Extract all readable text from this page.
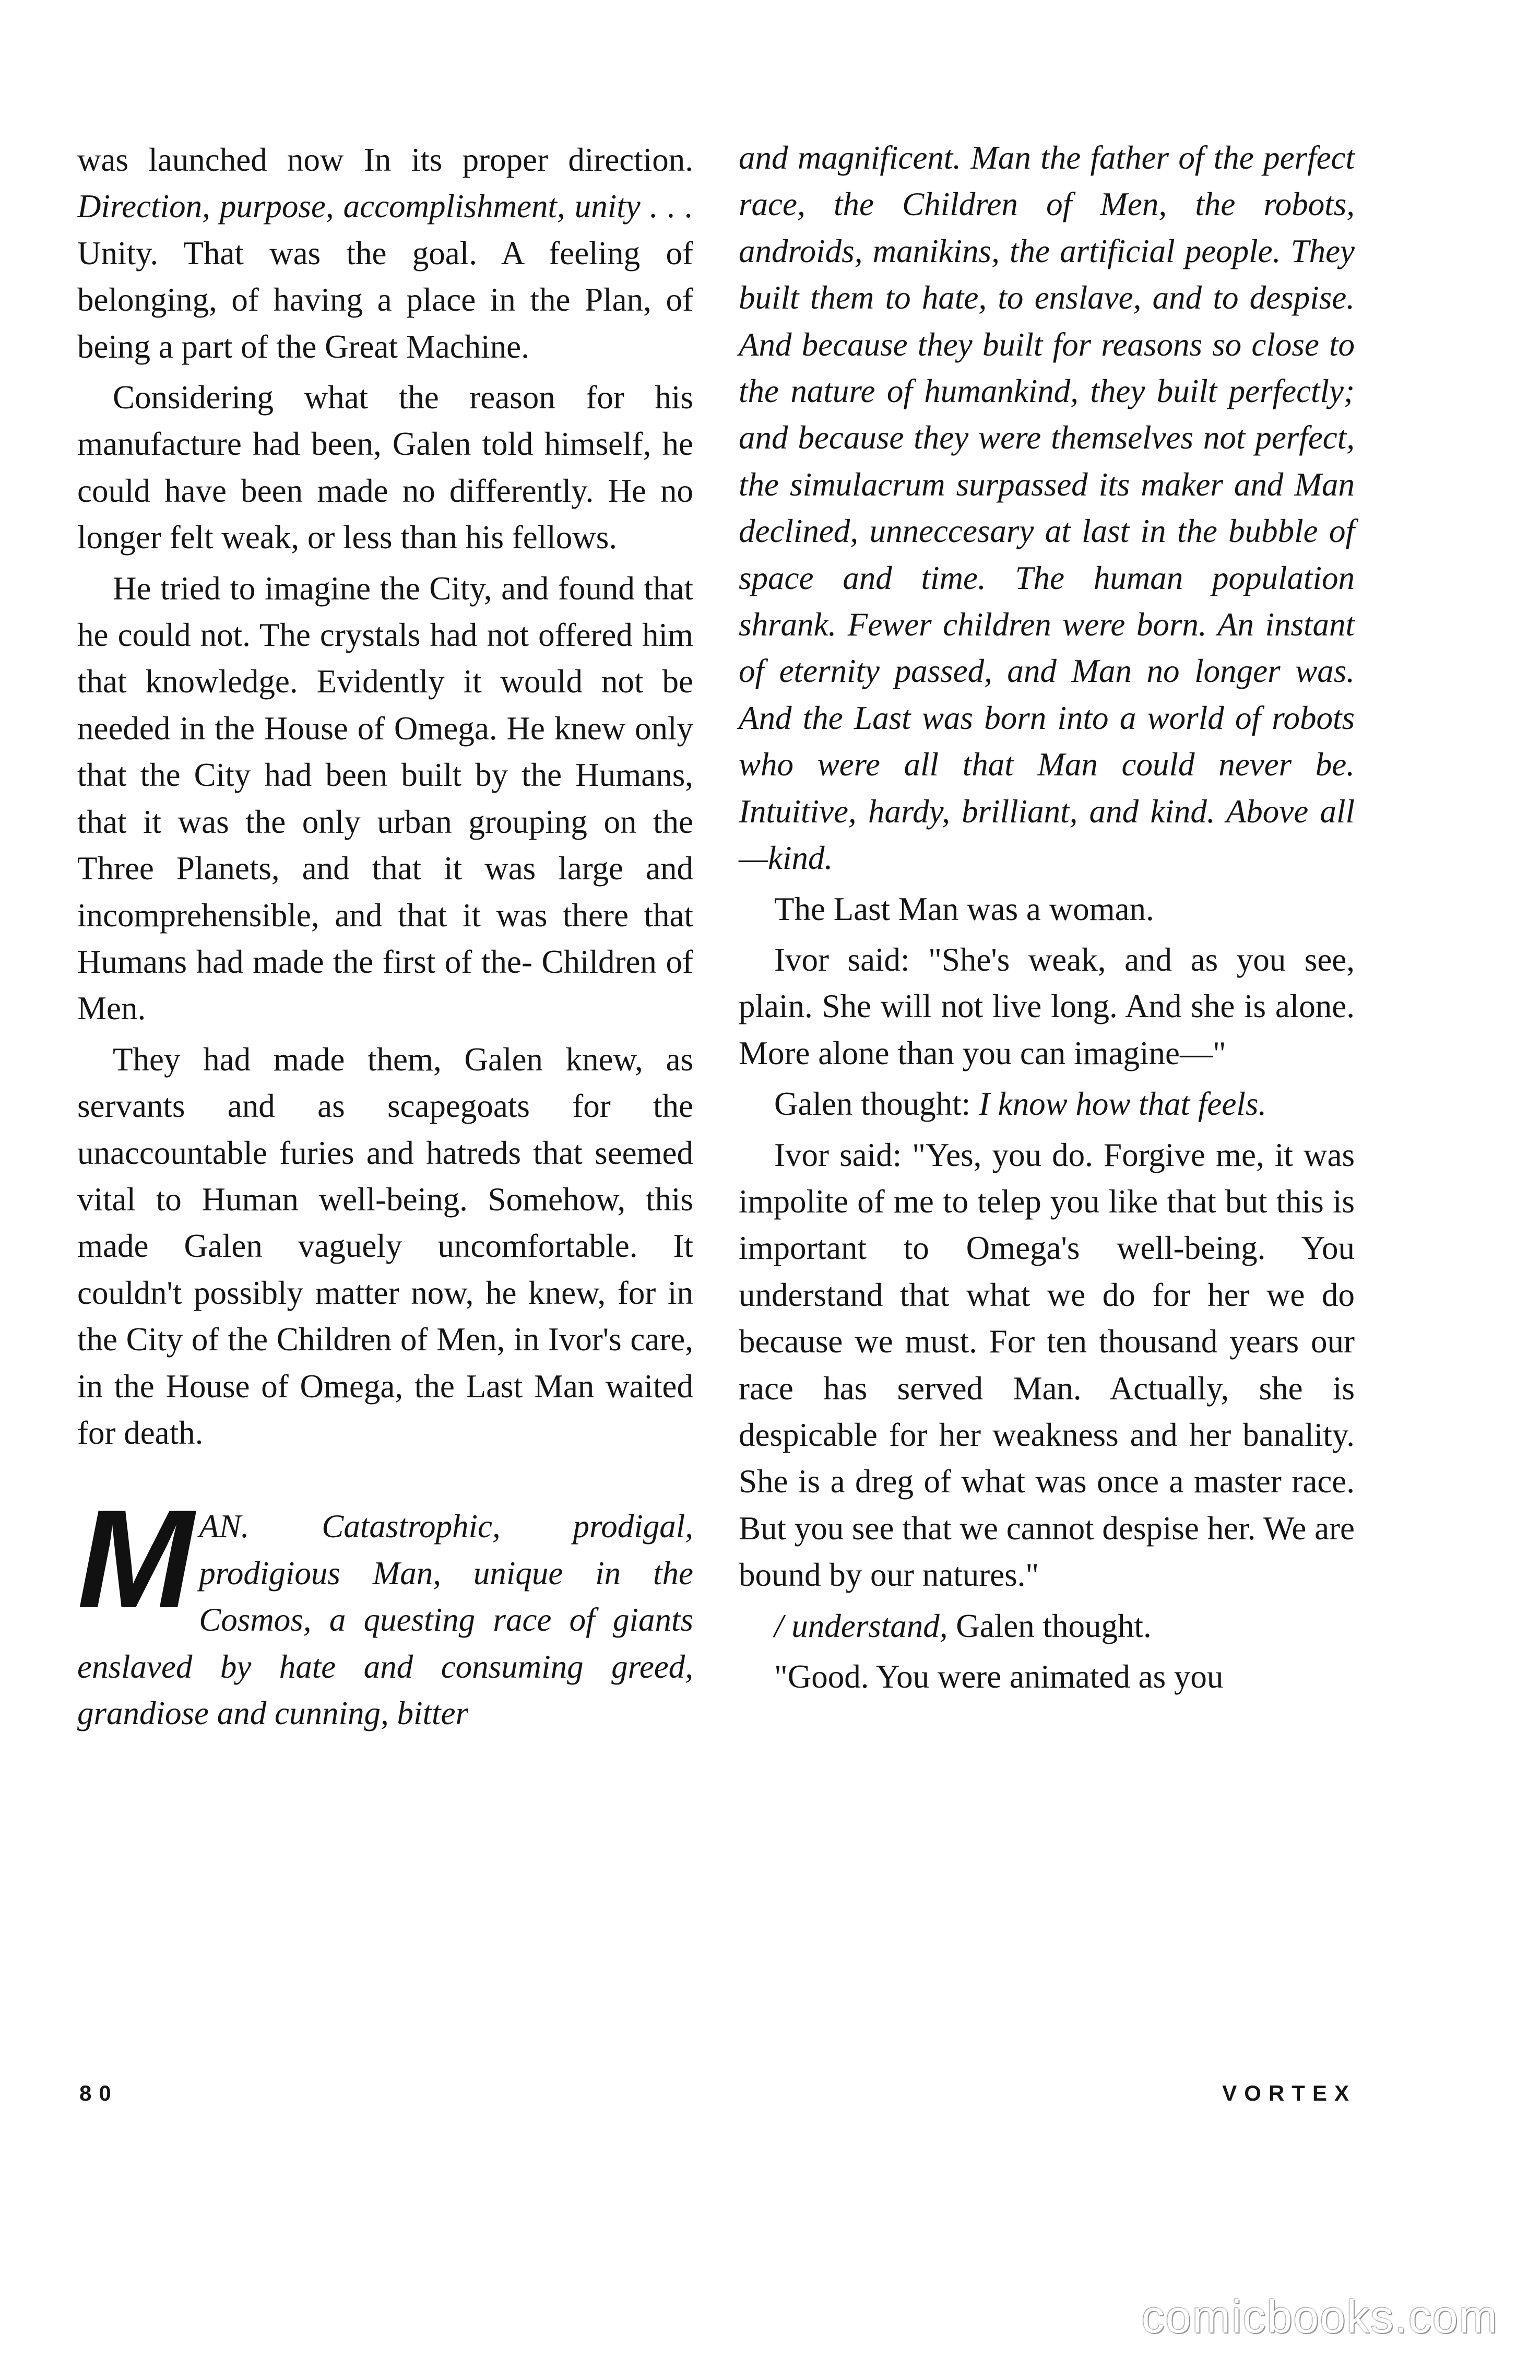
was launched now In its proper direction. Direction, purpose, accomplishment, unity . . . Unity. That was the goal. A feeling of belonging, of having a place in the Plan, of being a part of the Great Machine.

Considering what the reason for his manufacture had been, Galen told himself, he could have been made no differently. He no longer felt weak, or less than his fellows.

He tried to imagine the City, and found that he could not. The crystals had not offered him that knowledge. Evidently it would not be needed in the House of Omega. He knew only that the City had been built by the Humans, that it was the only urban grouping on the Three Planets, and that it was large and incomprehensible, and that it was there that Humans had made the first of the- Children of Men.

They had made them, Galen knew, as servants and as scapegoats for the unaccountable furies and hatreds that seemed vital to Human well-being. Somehow, this made Galen vaguely uncomfortable. It couldn't possibly matter now, he knew, for in the City of the Children of Men, in Ivor's care, in the House of Omega, the Last Man waited for death.

MAN. Catastrophic, prodigal, prodigious Man, unique in the Cosmos, a questing race of giants enslaved by hate and consuming greed, grandiose and cunning, bitter

and magnificent. Man the father of the perfect race, the Children of Men, the robots, androids, manikins, the artificial people. They built them to hate, to enslave, and to despise. And because they built for reasons so close to the nature of humankind, they built perfectly; and because they were themselves not perfect, the simulacrum surpassed its maker and Man declined, unneccesary at last in the bubble of space and time. The human population shrank. Fewer children were born. An instant of eternity passed, and Man no longer was. And the Last was born into a world of robots who were all that Man could never be. Intuitive, hardy, brilliant, and kind. Above all—kind.

The Last Man was a woman.

Ivor said: "She's weak, and as you see, plain. She will not live long. And she is alone. More alone than you can imagine—"

Galen thought: I know how that feels.

Ivor said: "Yes, you do. Forgive me, it was impolite of me to telep you like that but this is important to Omega's well-being. You understand that what we do for her we do because we must. For ten thousand years our race has served Man. Actually, she is despicable for her weakness and her banality. She is a dreg of what was once a master race. But you see that we cannot despise her. We are bound by our natures."

/ understand, Galen thought.

"Good. You were animated as you

80	VORTEX
comicbooks.com
